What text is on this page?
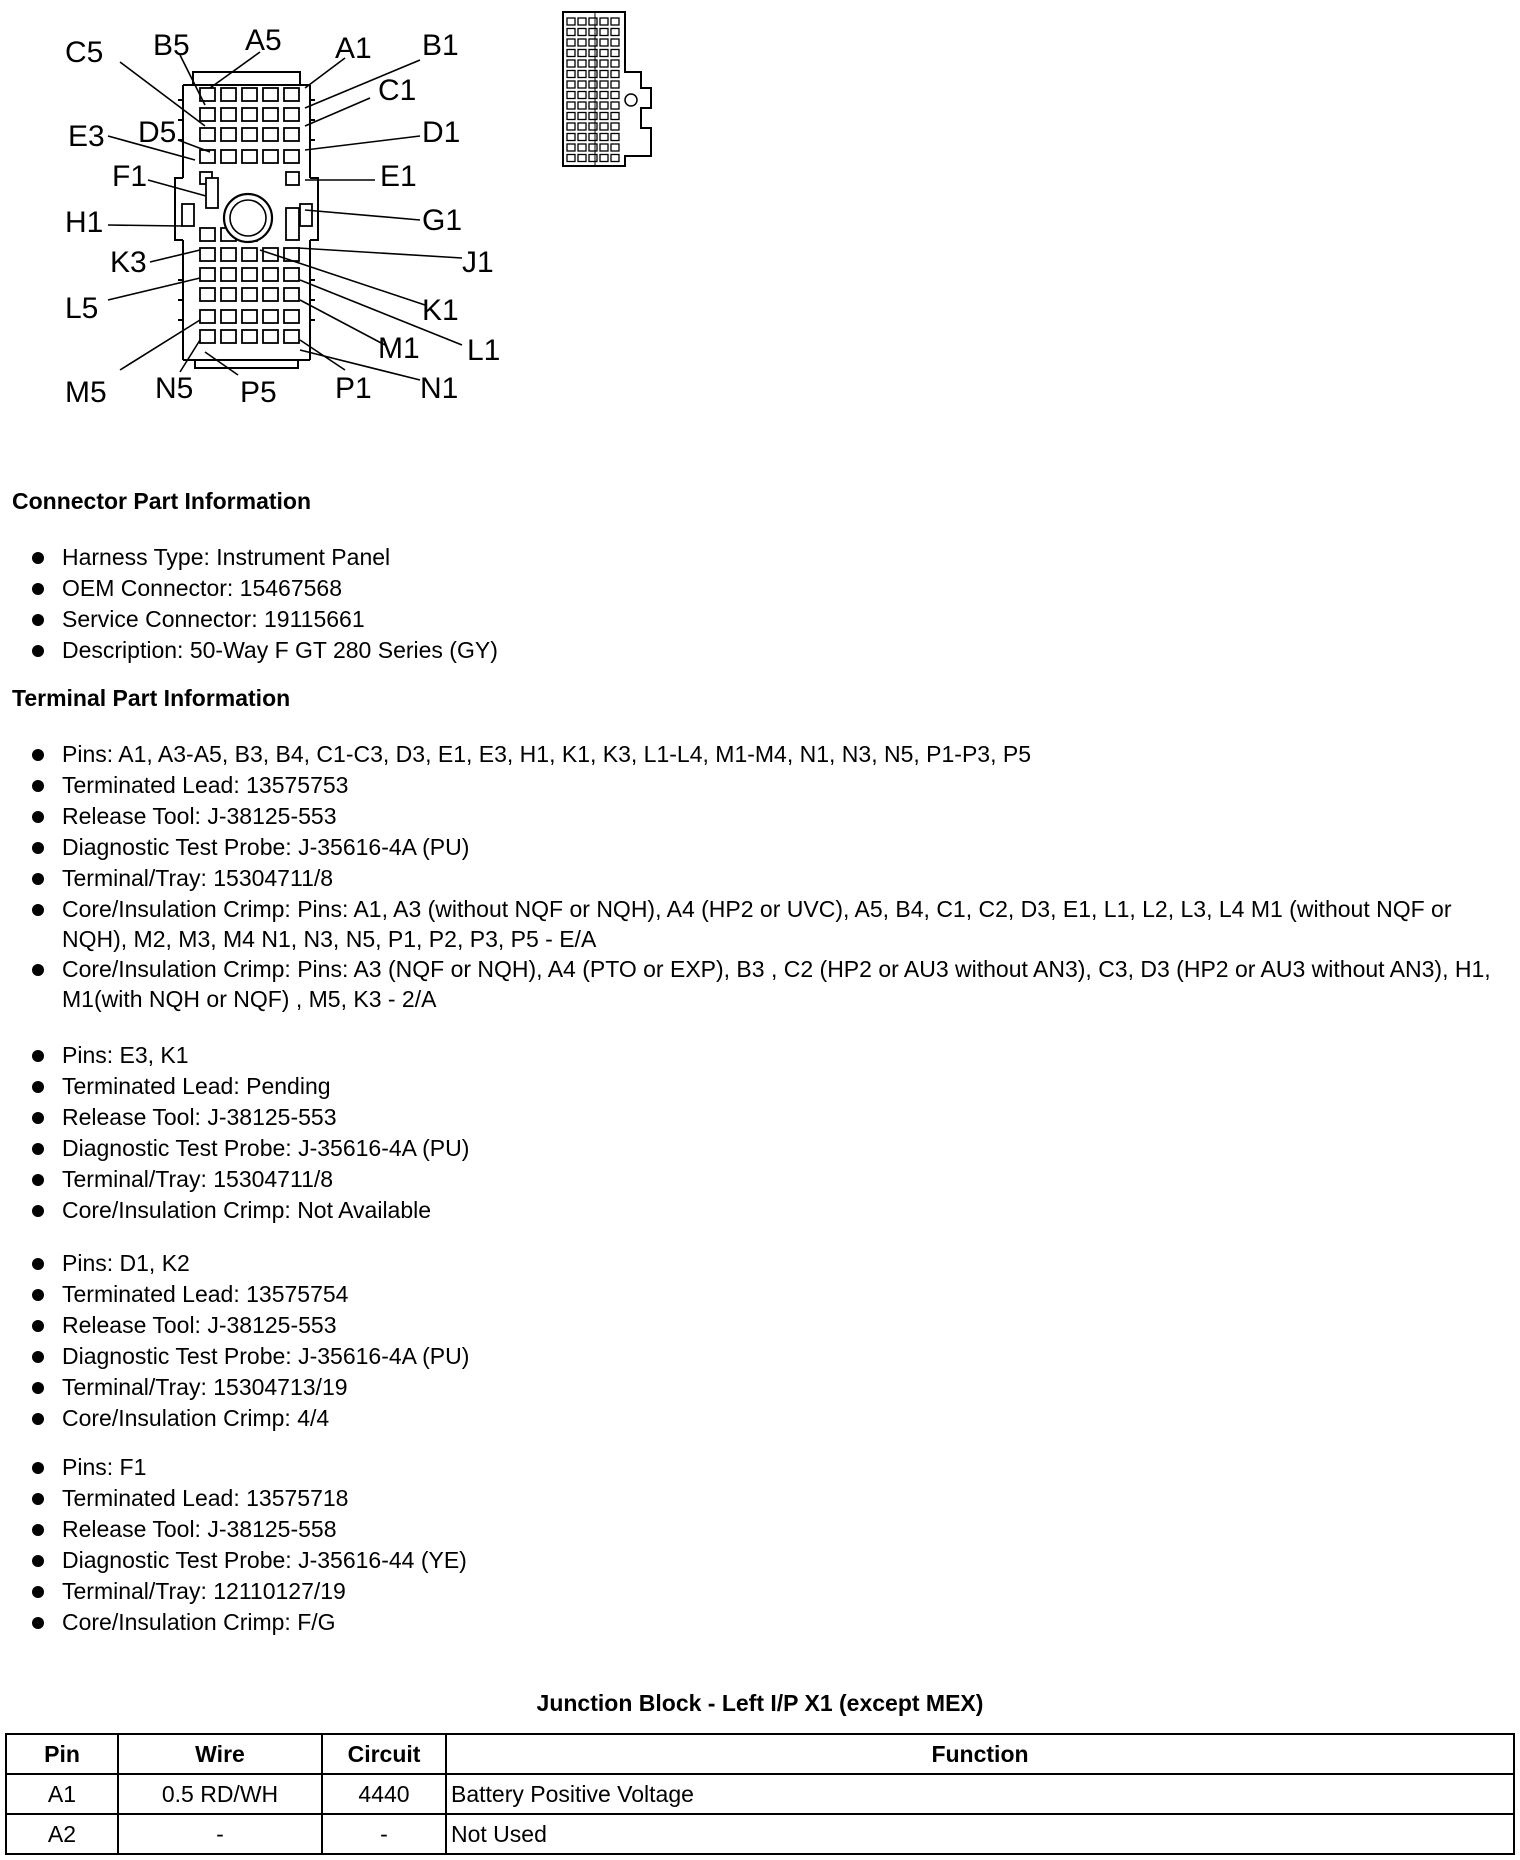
C5 B5 A5 A1 B1
C1
E3 D5	D1
F1	E1
H1	G1
K3	J1
L5	K1
L1
M1
M5 N5 P5 P1 N1
Connector Part Information
Harness Type: Instrument Panel
OEM Connector: 15467568
Service Connector: 19115661
Description: 50-Way F GT 280 Series (GY)
Terminal Part Information
Pins: A1, A3-A5, B3, B4, C1-C3, D3, E1, E3, H1, K1, K3, L1-L4, M1-M4, N1, N3, N5, P1-P3, P5
Terminated Lead: 13575753
Release Tool: J-38125-553
Diagnostic Test Probe: J-35616-4A (PU)
Terminal/Tray: 15304711/8
Core/Insulation Crimp: Pins: A1, A3 (without NQF or NQH), A4 (HP2 or UVC), A5, B4, C1, C2, D3, E1, L1, L2, L3, L4 M1 (without NQF or NQH), M2, M3, M4 N1, N3, N5, P1, P2, P3, P5 - E/A
Core/Insulation Crimp: Pins: A3 (NQF or NQH), A4 (PTO or EXP), B3 , C2 (HP2 or AU3 without AN3), C3, D3 (HP2 or AU3 without AN3), H1, M1(with NQH or NQF) , M5, K3 - 2/A
Pins: E3, K1
Terminated Lead: Pending
Release Tool: J-38125-553
Diagnostic Test Probe: J-35616-4A (PU)
Terminal/Tray: 15304711/8
Core/Insulation Crimp: Not Available
Pins: D1, K2
Terminated Lead: 13575754
Release Tool: J-38125-553
Diagnostic Test Probe: J-35616-4A (PU)
Terminal/Tray: 15304713/19
Core/Insulation Crimp: 4/4
Pins: F1
Terminated Lead: 13575718
Release Tool: J-38125-558
Diagnostic Test Probe: J-35616-44 (YE)
Terminal/Tray: 12110127/19
Core/Insulation Crimp: F/G
Junction Block - Left I/P X1 (except MEX)
Pin	Wire	Circuit	Function
A1	0.5 RD/WH	4440	Battery Positive Voltage
A2	-	-	Not Used
